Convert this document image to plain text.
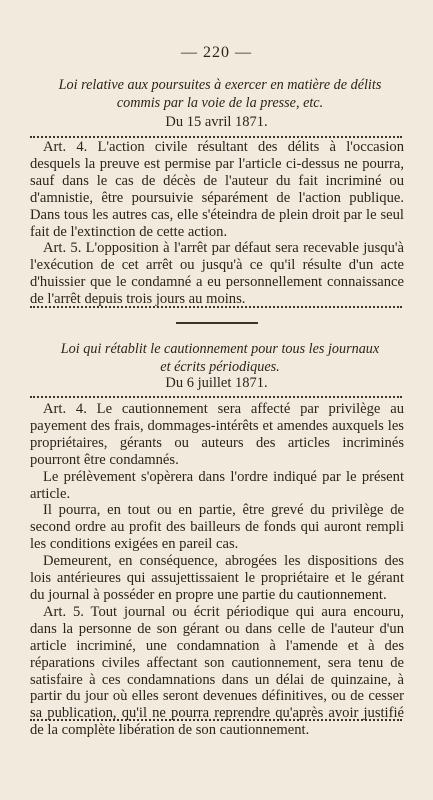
— 220 —
Loi relative aux poursuites à exercer en matière de délits
commis par la voie de la presse, etc.
Du 15 avril 1871.

Art. 4. L'action civile résultant des délits à l'occasion desquels la preuve est permise par l'article ci-dessus ne pourra, sauf dans le cas de décès de l'auteur du fait incriminé ou d'amnistie, être poursuivie séparément de l'action publique. Dans tous les autres cas, elle s'éteindra de plein droit par le seul fait de l'extinction de cette action.

Art. 5. L'opposition à l'arrêt par défaut sera recevable jusqu'à l'exécution de cet arrêt ou jusqu'à ce qu'il résulte d'un acte d'huissier que le condamné a eu personnellement connaissance de l'arrêt depuis trois jours au moins.

Loi qui rétablit le cautionnement pour tous les journaux
et écrits périodiques.
Du 6 juillet 1871.

Art. 4. Le cautionnement sera affecté par privilège au payement des frais, dommages-intérêts et amendes auxquels les propriétaires, gérants ou auteurs des articles incriminés pourront être condamnés.

Le prélèvement s'opèrera dans l'ordre indiqué par le présent article.

Il pourra, en tout ou en partie, être grevé du privilège de second ordre au profit des bailleurs de fonds qui auront rempli les conditions exigées en pareil cas.

Demeurent, en conséquence, abrogées les dispositions des lois antérieures qui assujettissaient le propriétaire et le gérant du journal à posséder en propre une partie du cautionnement.

Art. 5. Tout journal ou écrit périodique qui aura encouru, dans la personne de son gérant ou dans celle de l'auteur d'un article incriminé, une condamnation à l'amende et à des réparations civiles affectant son cautionnement, sera tenu de satisfaire à ces condamnations dans un délai de quinzaine, à partir du jour où elles seront devenues définitives, ou de cesser sa publication, qu'il ne pourra reprendre qu'après avoir justifié de la complète libération de son cautionnement.
